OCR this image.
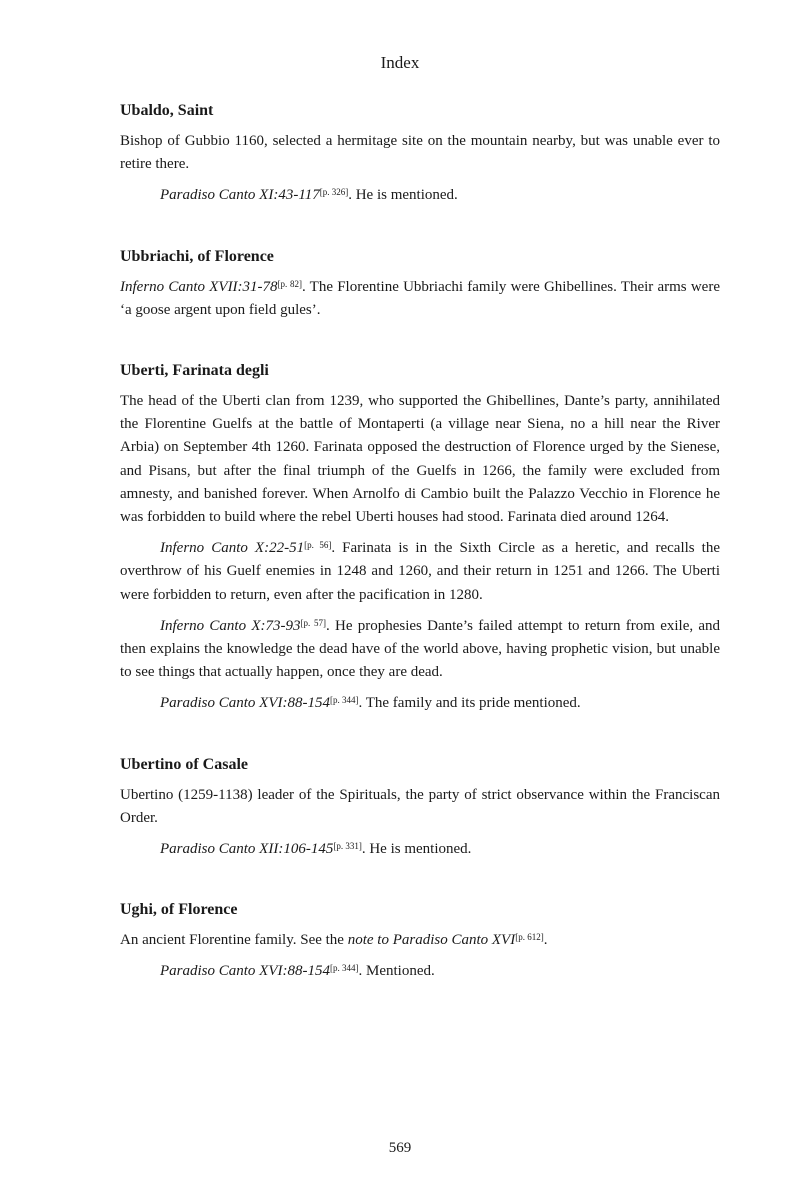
Index
Ubaldo, Saint
Bishop of Gubbio 1160, selected a hermitage site on the mountain nearby, but was unable ever to retire there.
Paradiso Canto XI:43-117[p. 326]. He is mentioned.
Ubbriachi, of Florence
Inferno Canto XVII:31-78[p. 82]. The Florentine Ubbriachi family were Ghibellines. Their arms were ‘a goose argent upon field gules’.
Uberti, Farinata degli
The head of the Uberti clan from 1239, who supported the Ghibellines, Dante’s party, annihilated the Florentine Guelfs at the battle of Montaperti (a village near Siena, no a hill near the River Arbia) on September 4th 1260. Farinata opposed the destruction of Florence urged by the Sienese, and Pisans, but after the final triumph of the Guelfs in 1266, the family were excluded from amnesty, and banished forever. When Arnolfo di Cambio built the Palazzo Vecchio in Florence he was forbidden to build where the rebel Uberti houses had stood. Farinata died around 1264.
Inferno Canto X:22-51[p. 56]. Farinata is in the Sixth Circle as a heretic, and recalls the overthrow of his Guelf enemies in 1248 and 1260, and their return in 1251 and 1266. The Uberti were forbidden to return, even after the pacification in 1280.
Inferno Canto X:73-93[p. 57]. He prophesies Dante’s failed attempt to return from exile, and then explains the knowledge the dead have of the world above, having prophetic vision, but unable to see things that actually happen, once they are dead.
Paradiso Canto XVI:88-154[p. 344]. The family and its pride mentioned.
Ubertino of Casale
Ubertino (1259-1138) leader of the Spirituals, the party of strict observance within the Franciscan Order.
Paradiso Canto XII:106-145[p. 331]. He is mentioned.
Ughi, of Florence
An ancient Florentine family. See the note to Paradiso Canto XVI[p. 612].
Paradiso Canto XVI:88-154[p. 344]. Mentioned.
569
